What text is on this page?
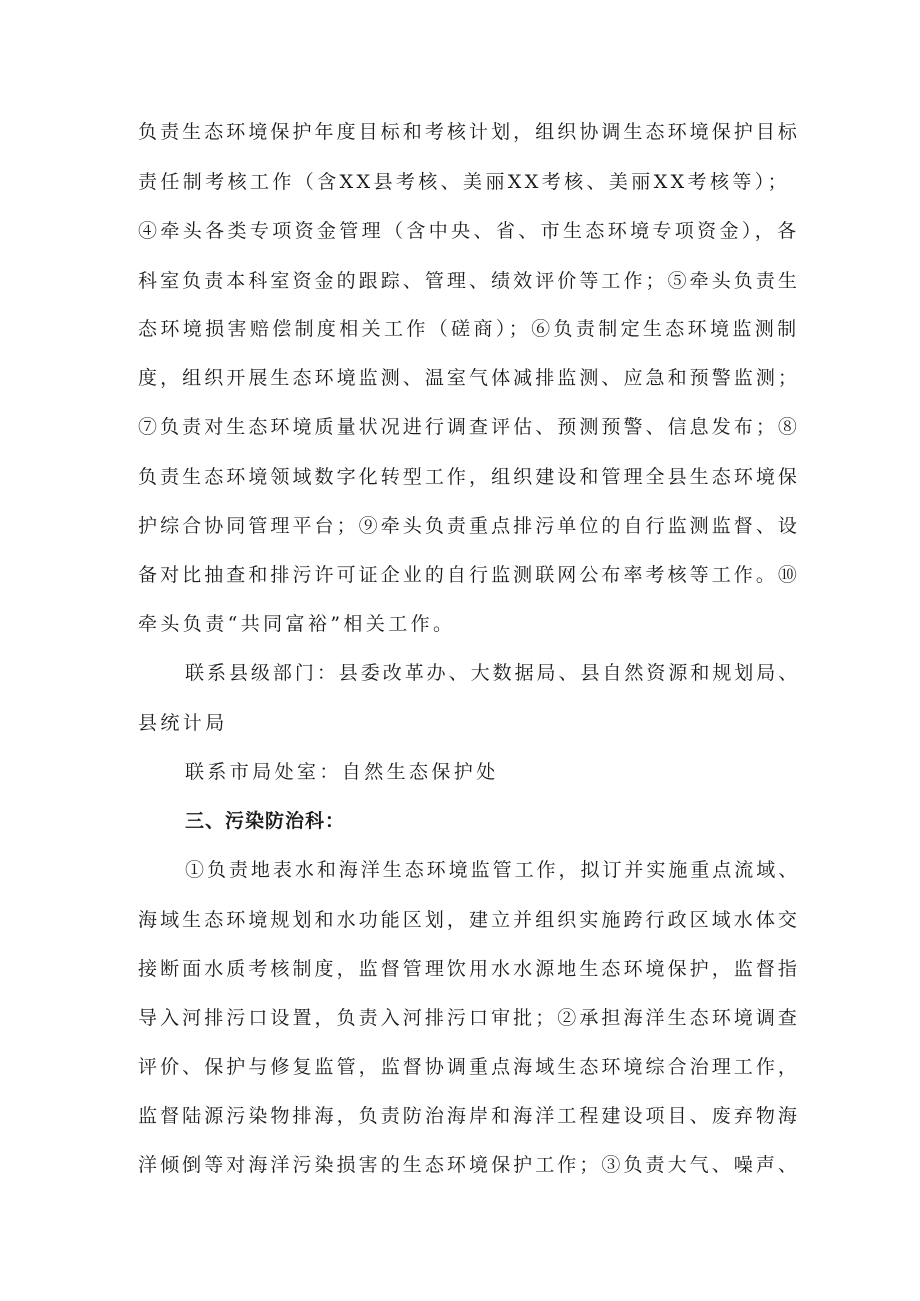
负责生态环境保护年度目标和考核计划，组织协调生态环境保护目标
责任制考核工作（含XX县考核、美丽XX考核、美丽XX考核等）；
④牵头各类专项资金管理（含中央、省、市生态环境专项资金），各
科室负责本科室资金的跟踪、管理、绩效评价等工作；⑤牵头负责生
态环境损害赔偿制度相关工作（磋商）；⑥负责制定生态环境监测制
度，组织开展生态环境监测、温室气体减排监测、应急和预警监测；
⑦负责对生态环境质量状况进行调查评估、预测预警、信息发布；⑧
负责生态环境领域数字化转型工作，组织建设和管理全县生态环境保
护综合协同管理平台；⑨牵头负责重点排污单位的自行监测监督、设
备对比抽查和排污许可证企业的自行监测联网公布率考核等工作。⑩
牵头负责“共同富裕”相关工作。
联系县级部门：县委改革办、大数据局、县自然资源和规划局、
县统计局
联系市局处室：自然生态保护处
三、污染防治科：
①负责地表水和海洋生态环境监管工作，拟订并实施重点流域、
海域生态环境规划和水功能区划，建立并组织实施跨行政区域水体交
接断面水质考核制度，监督管理饮用水水源地生态环境保护，监督指
导入河排污口设置，负责入河排污口审批；②承担海洋生态环境调查
评价、保护与修复监管，监督协调重点海域生态环境综合治理工作，
监督陆源污染物排海，负责防治海岸和海洋工程建设项目、废弃物海
洋倾倒等对海洋污染损害的生态环境保护工作；③负责大气、噪声、
